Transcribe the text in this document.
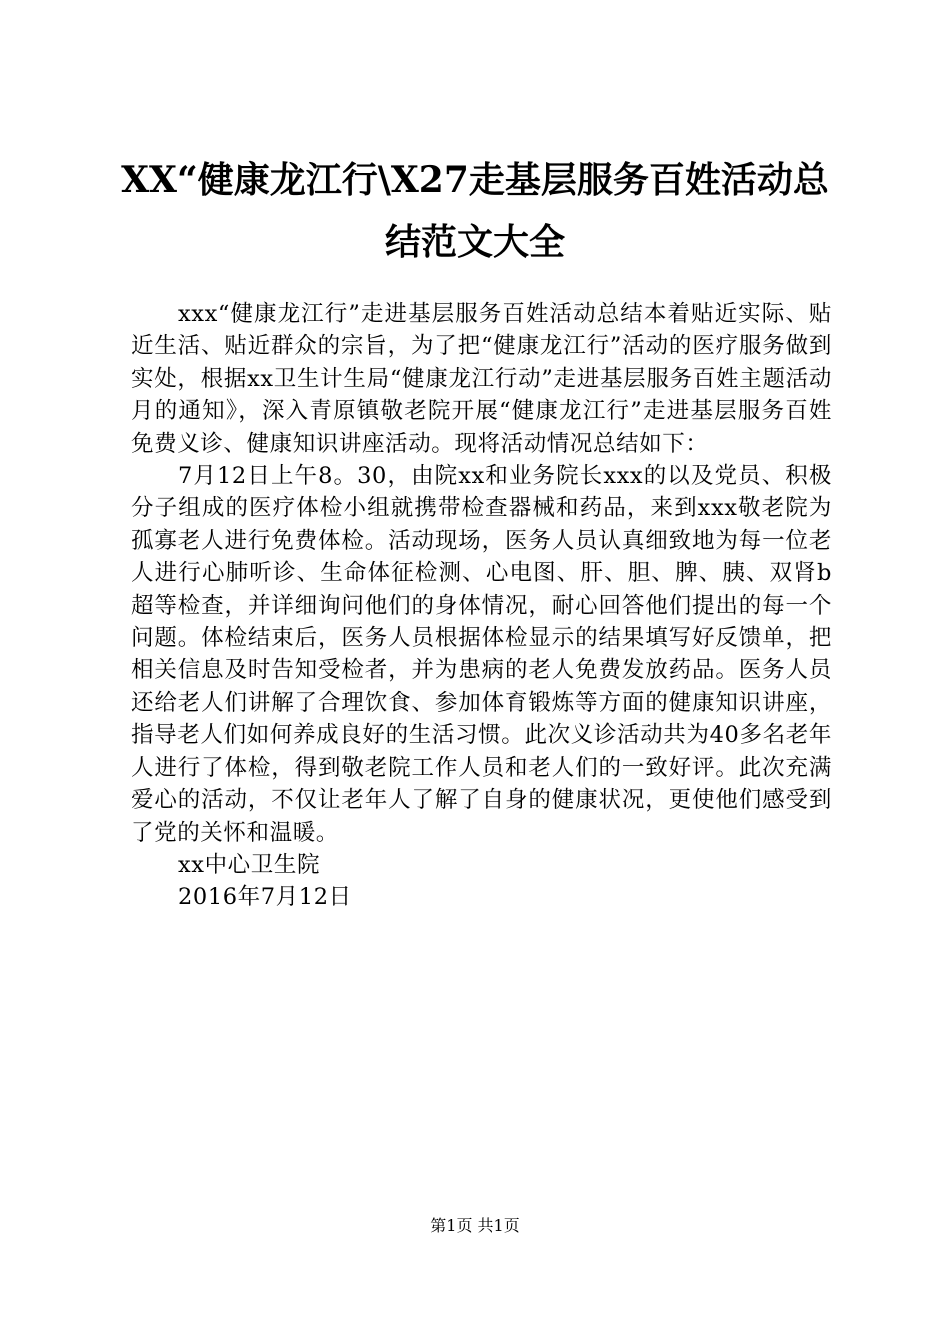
XX“健康龙江行\X27走基层服务百姓活动总
结范文大全

xxx“健康龙江行”走进基层服务百姓活动总结本着贴近实际、贴近生活、贴近群众的宗旨，为了把“健康龙江行”活动的医疗服务做到实处，根据xx卫生计生局“健康龙江行动”走进基层服务百姓主题活动月的通知》，深入青原镇敬老院开展“健康龙江行”走进基层服务百姓免费义诊、健康知识讲座活动。现将活动情况总结如下：

7月12日上午8。30，由院xx和业务院长xxx的以及党员、积极分子组成的医疗体检小组就携带检查器械和药品，来到xxx敬老院为孤寡老人进行免费体检。活动现场，医务人员认真细致地为每一位老人进行心肺听诊、生命体征检测、心电图、肝、胆、脾、胰、双肾b超等检查，并详细询问他们的身体情况，耐心回答他们提出的每一个问题。体检结束后，医务人员根据体检显示的结果填写好反馈单，把相关信息及时告知受检者，并为患病的老人免费发放药品。医务人员还给老人们讲解了合理饮食、参加体育锻炼等方面的健康知识讲座，指导老人们如何养成良好的生活习惯。此次义诊活动共为40多名老年人进行了体检，得到敬老院工作人员和老人们的一致好评。此次充满爱心的活动，不仅让老年人了解了自身的健康状况，更使他们感受到了党的关怀和温暖。

xx中心卫生院

2016年7月12日

第1页 共1页
